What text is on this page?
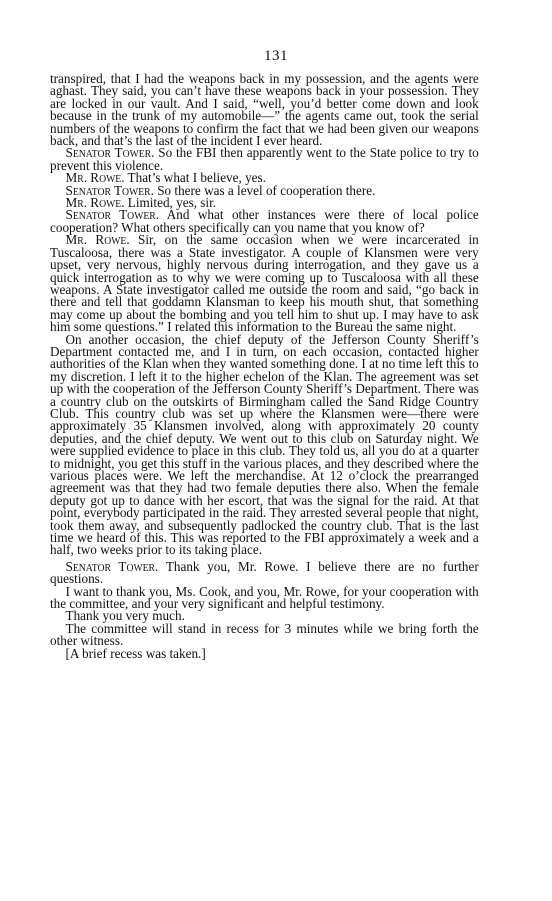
131

transpired, that I had the weapons back in my possession, and the agents were aghast. They said, you can’t have these weapons back in your possession. They are locked in our vault. And I said, “well, you’d better come down and look because in the trunk of my automobile—” the agents came out, took the serial numbers of the weapons to confirm the fact that we had been given our weapons back, and that’s the last of the incident I ever heard.

Senator Tower. So the FBI then apparently went to the State police to try to prevent this violence.

Mr. Rowe. That’s what I believe, yes.

Senator Tower. So there was a level of cooperation there.

Mr. Rowe. Limited, yes, sir.

Senator Tower. And what other instances were there of local police cooperation? What others specifically can you name that you know of?

Mr. Rowe. Sir, on the same occasion when we were incarcerated in Tuscaloosa, there was a State investigator. A couple of Klansmen were very upset, very nervous, highly nervous during interrogation, and they gave us a quick interrogation as to why we were coming up to Tuscaloosa with all these weapons. A State investigator called me outside the room and said, “go back in there and tell that goddamn Klansman to keep his mouth shut, that something may come up about the bombing and you tell him to shut up. I may have to ask him some questions.” I related this information to the Bureau the same night.

On another occasion, the chief deputy of the Jefferson County Sheriff’s Department contacted me, and I in turn, on each occasion, contacted higher authorities of the Klan when they wanted something done. I at no time left this to my discretion. I left it to the higher echelon of the Klan. The agreement was set up with the cooperation of the Jefferson County Sheriff’s Department. There was a country club on the outskirts of Birmingham called the Sand Ridge Country Club. This country club was set up where the Klansmen were—there were approximately 35 Klansmen involved, along with approximately 20 county deputies, and the chief deputy. We went out to this club on Saturday night. We were supplied evidence to place in this club. They told us, all you do at a quarter to midnight, you get this stuff in the various places, and they described where the various places were. We left the merchandise. At 12 o’clock the prearranged agreement was that they had two female deputies there also. When the female deputy got up to dance with her escort, that was the signal for the raid. At that point, everybody participated in the raid. They arrested several people that night, took them away, and subsequently padlocked the country club. That is the last time we heard of this. This was reported to the FBI approximately a week and a half, two weeks prior to its taking place.

Senator Tower. Thank you, Mr. Rowe. I believe there are no further questions.

I want to thank you, Ms. Cook, and you, Mr. Rowe, for your cooperation with the committee, and your very significant and helpful testimony.

Thank you very much.

The committee will stand in recess for 3 minutes while we bring forth the other witness.

[A brief recess was taken.]
